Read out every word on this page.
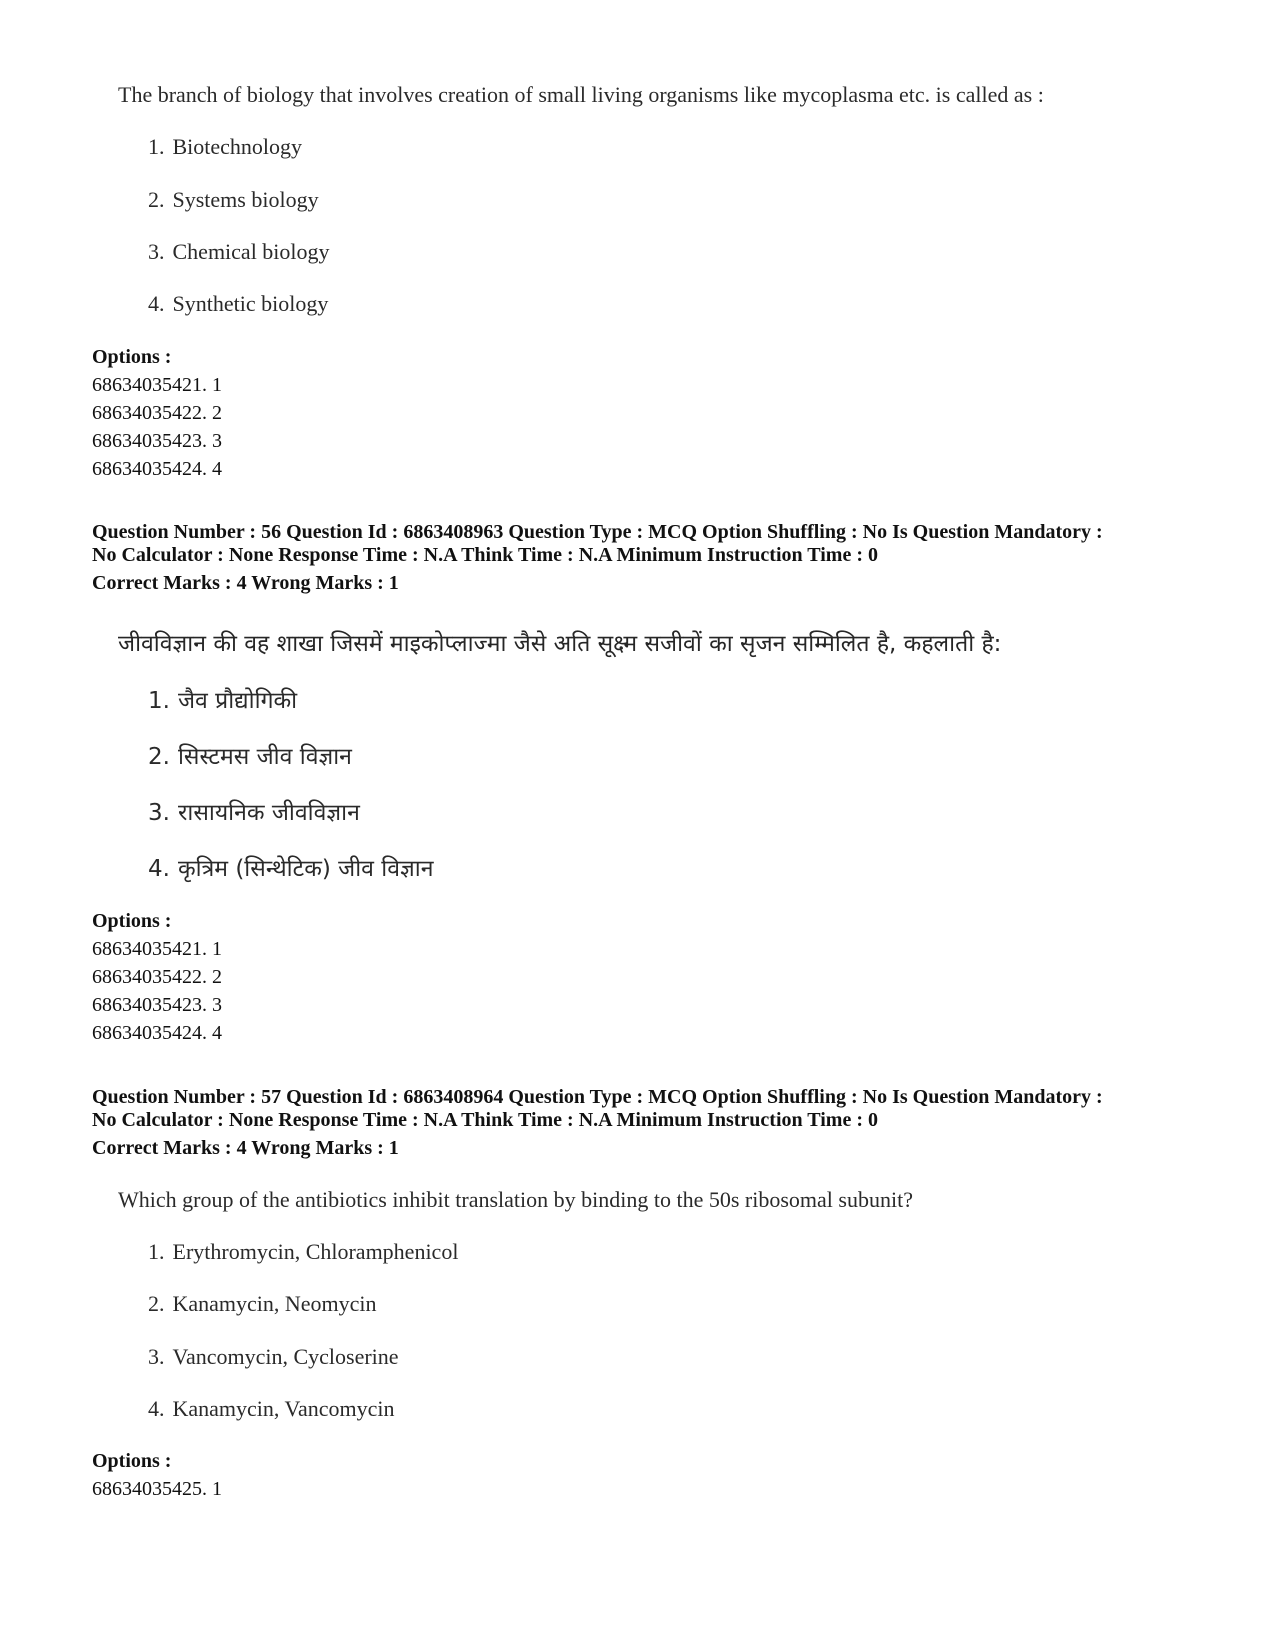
The branch of biology that involves creation of small living organisms like mycoplasma etc. is called as :
1. Biotechnology
2. Systems biology
3. Chemical biology
4. Synthetic biology
Options :
68634035421. 1
68634035422. 2
68634035423. 3
68634035424. 4
Question Number : 56 Question Id : 6863408963 Question Type : MCQ Option Shuffling : No Is Question Mandatory :
No Calculator : None Response Time : N.A Think Time : N.A Minimum Instruction Time : 0
Correct Marks : 4 Wrong Marks : 1
जीवविज्ञान की वह शाखा जिसमें माइकोप्लाज्मा जैसे अति सूक्ष्म सजीवों का सृजन सम्मिलित है, कहलाती है:
1. जैव प्रौद्योगिकी
2. सिस्टमस जीव विज्ञान
3. रासायनिक जीवविज्ञान
4. कृत्रिम (सिन्थेटिक) जीव विज्ञान
Options :
68634035421. 1
68634035422. 2
68634035423. 3
68634035424. 4
Question Number : 57 Question Id : 6863408964 Question Type : MCQ Option Shuffling : No Is Question Mandatory :
No Calculator : None Response Time : N.A Think Time : N.A Minimum Instruction Time : 0
Correct Marks : 4 Wrong Marks : 1
Which group of the antibiotics inhibit translation by binding to the 50s ribosomal subunit?
1. Erythromycin, Chloramphenicol
2. Kanamycin, Neomycin
3. Vancomycin, Cycloserine
4. Kanamycin, Vancomycin
Options :
68634035425. 1
